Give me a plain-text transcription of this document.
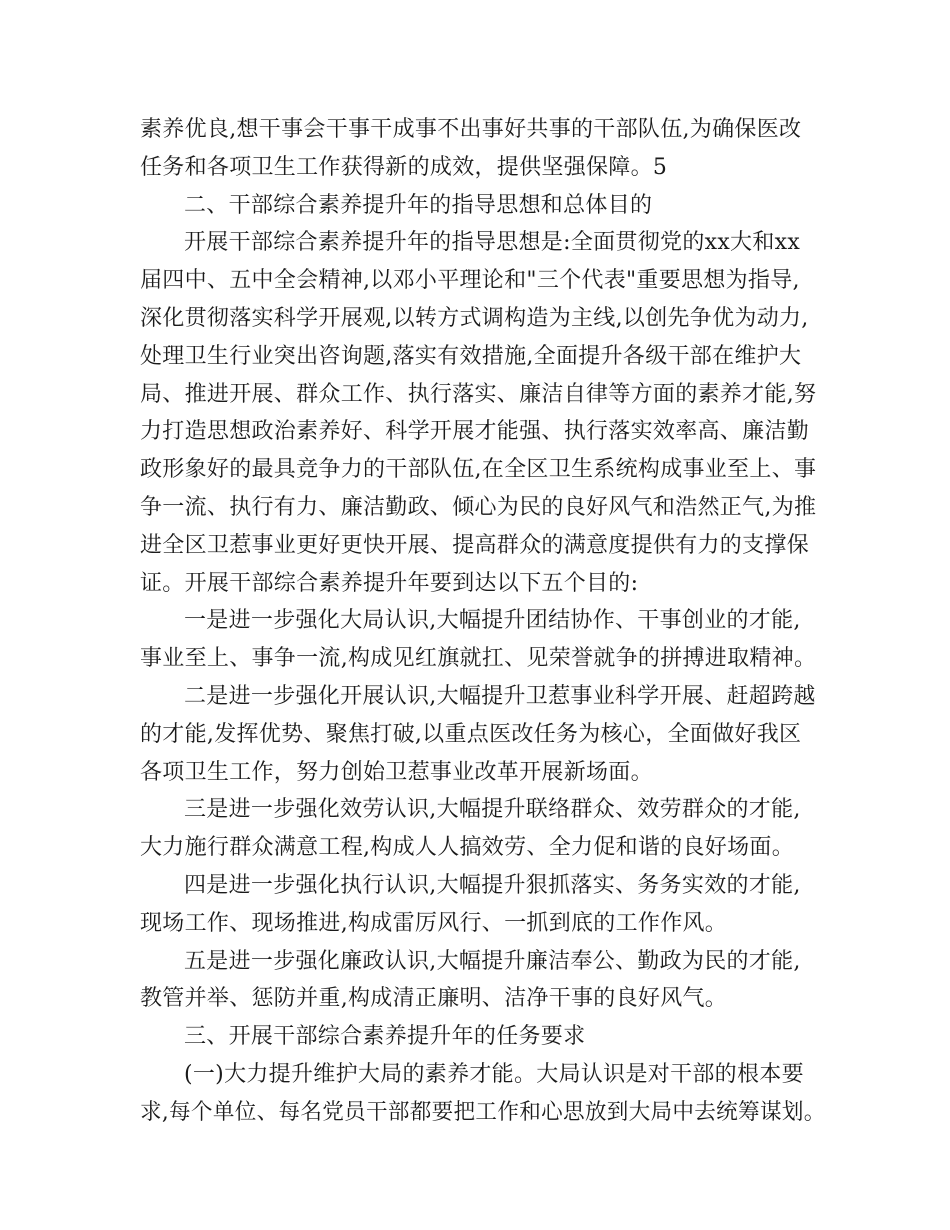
素养优良,想干事会干事干成事不出事好共事的干部队伍,为确保医改
任务和各项卫生工作获得新的成效，提供坚强保障。5
二、干部综合素养提升年的指导思想和总体目的
开展干部综合素养提升年的指导思想是:全面贯彻党的xx大和xx
届四中、五中全会精神,以邓小平理论和"三个代表"重要思想为指导,
深化贯彻落实科学开展观,以转方式调构造为主线,以创先争优为动力,
处理卫生行业突出咨询题,落实有效措施,全面提升各级干部在维护大
局、推进开展、群众工作、执行落实、廉洁自律等方面的素养才能,努
力打造思想政治素养好、科学开展才能强、执行落实效率高、廉洁勤
政形象好的最具竞争力的干部队伍,在全区卫生系统构成事业至上、事
争一流、执行有力、廉洁勤政、倾心为民的良好风气和浩然正气,为推
进全区卫惹事业更好更快开展、提高群众的满意度提供有力的支撑保
证。开展干部综合素养提升年要到达以下五个目的:
一是进一步强化大局认识,大幅提升团结协作、干事创业的才能,
事业至上、事争一流,构成见红旗就扛、见荣誉就争的拼搏进取精神。
二是进一步强化开展认识,大幅提升卫惹事业科学开展、赶超跨越
的才能,发挥优势、聚焦打破,以重点医改任务为核心，全面做好我区
各项卫生工作，努力创始卫惹事业改革开展新场面。
三是进一步强化效劳认识,大幅提升联络群众、效劳群众的才能,
大力施行群众满意工程,构成人人搞效劳、全力促和谐的良好场面。
四是进一步强化执行认识,大幅提升狠抓落实、务务实效的才能,
现场工作、现场推进,构成雷厉风行、一抓到底的工作作风。
五是进一步强化廉政认识,大幅提升廉洁奉公、勤政为民的才能,
教管并举、惩防并重,构成清正廉明、洁净干事的良好风气。
三、开展干部综合素养提升年的任务要求
(一)大力提升维护大局的素养才能。大局认识是对干部的根本要
求,每个单位、每名党员干部都要把工作和心思放到大局中去统筹谋划。
